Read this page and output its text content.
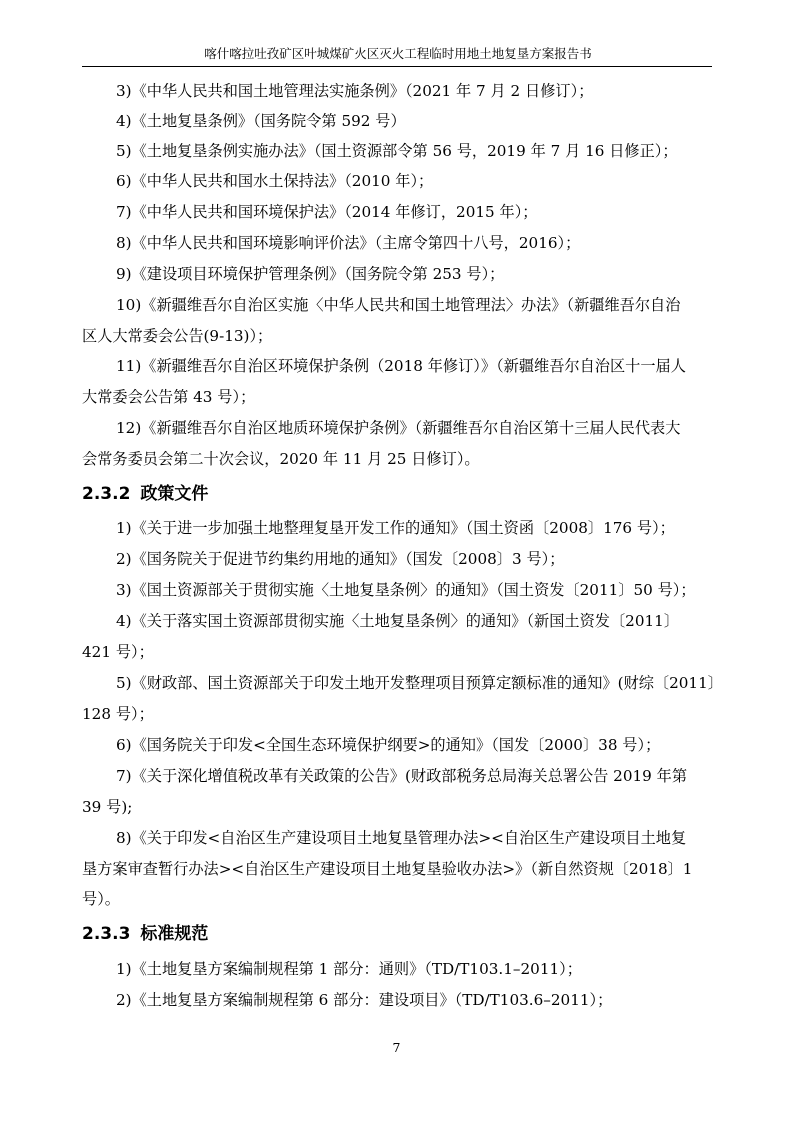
喀什喀拉吐孜矿区叶城煤矿火区灭火工程临时用地土地复垦方案报告书

3)《中华人民共和国土地管理法实施条例》（2021 年 7 月 2 日修订）；

4)《土地复垦条例》（国务院令第 592 号）

5)《土地复垦条例实施办法》（国土资源部令第 56 号，2019 年 7 月 16 日修正）；

6)《中华人民共和国水土保持法》（2010 年）；

7)《中华人民共和国环境保护法》（2014 年修订，2015 年）；

8)《中华人民共和国环境影响评价法》（主席令第四十八号，2016）；

9)《建设项目环境保护管理条例》（国务院令第 253 号）；

10)《新疆维吾尔自治区实施〈中华人民共和国土地管理法〉办法》（新疆维吾尔自治
区人大常委会公告(9-13)）；
11)《新疆维吾尔自治区环境保护条例（2018 年修订）》（新疆维吾尔自治区十一届人
大常委会公告第 43 号）；
12)《新疆维吾尔自治区地质环境保护条例》（新疆维吾尔自治区第十三届人民代表大
会常务委员会第二十次会议，2020 年 11 月 25 日修订）。
2.3.2 政策文件

1)《关于进一步加强土地整理复垦开发工作的通知》（国土资函〔2008〕176 号）；

2)《国务院关于促进节约集约用地的通知》（国发〔2008〕3 号）；

3)《国土资源部关于贯彻实施〈土地复垦条例〉的通知》（国土资发〔2011〕50 号）；

4)《关于落实国土资源部贯彻实施〈土地复垦条例〉的通知》（新国土资发〔2011〕
421 号）；
5)《财政部、国土资源部关于印发土地开发整理项目预算定额标准的通知》(财综〔2011〕
128 号）；

6)《国务院关于印发<全国生态环境保护纲要>的通知》（国发〔2000〕38 号）；

7)《关于深化增值税改革有关政策的公告》(财政部税务总局海关总署公告 2019 年第
39 号);
8)《关于印发<自治区生产建设项目土地复垦管理办法><自治区生产建设项目土地复
垦方案审查暂行办法><自治区生产建设项目土地复垦验收办法>》（新自然资规〔2018〕1
号）。
2.3.3 标准规范

1)《土地复垦方案编制规程第 1 部分：通则》（TD/T103.1–2011）；

2)《土地复垦方案编制规程第 6 部分：建设项目》（TD/T103.6–2011）；

7
